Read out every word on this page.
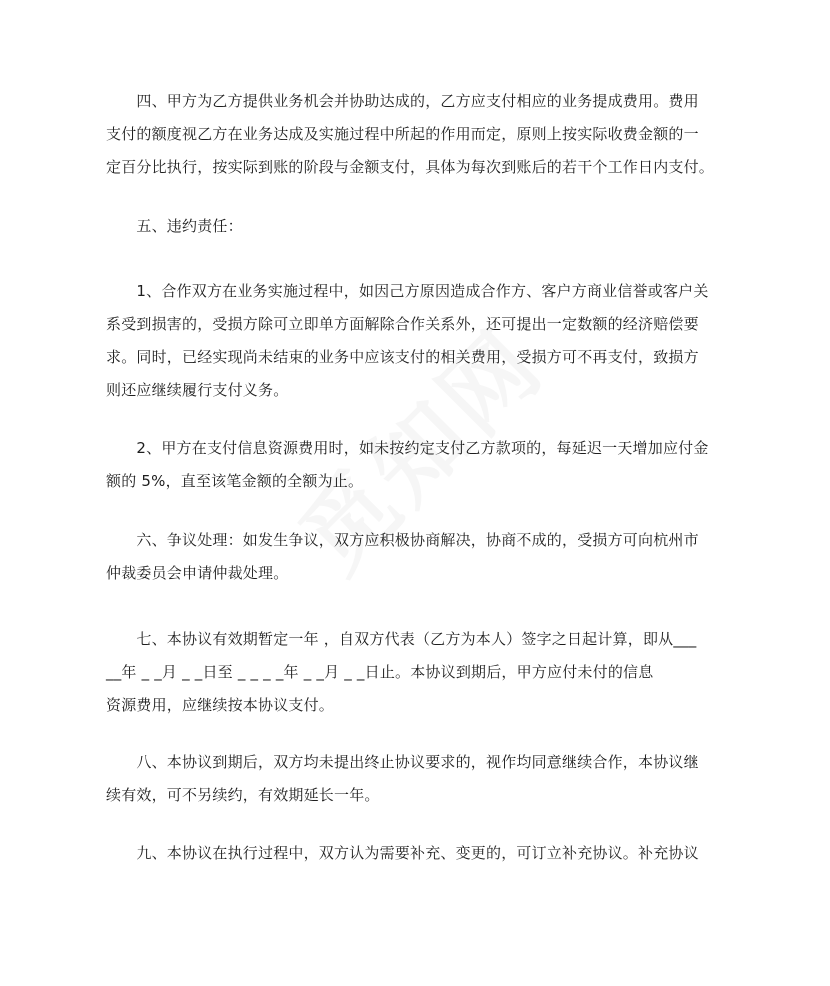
　　四、甲方为乙方提供业务机会并协助达成的，乙方应支付相应的业务提成费用。费用
支付的额度视乙方在业务达成及实施过程中所起的作用而定，原则上按实际收费金额的一
定百分比执行，按实际到账的阶段与金额支付，具体为每次到账后的若干个工作日内支付。
　　五、违约责任：
　　1、合作双方在业务实施过程中，如因己方原因造成合作方、客户方商业信誉或客户关
系受到损害的，受损方除可立即单方面解除合作关系外，还可提出一定数额的经济赔偿要
求。同时，已经实现尚未结束的业务中应该支付的相关费用，受损方可不再支付，致损方
则还应继续履行支付义务。
　　2、甲方在支付信息资源费用时，如未按约定支付乙方款项的，每延迟一天增加应付金
额的 5%，直至该笔金额的全额为止。
　　六、争议处理：如发生争议，双方应积极协商解决，协商不成的，受损方可向杭州市
仲裁委员会申请仲裁处理。
　　七、本协议有效期暂定一年 ，自双方代表（乙方为本人）签字之日起计算，即从___
__年 _ _月 _ _日至 _ _ _ _年 _ _月 _ _日止。本协议到期后，甲方应付未付的信息
资源费用，应继续按本协议支付。
　　八、本协议到期后，双方均未提出终止协议要求的，视作均同意继续合作，本协议继
续有效，可不另续约，有效期延长一年。
　　九、本协议在执行过程中，双方认为需要补充、变更的，可订立补充协议。补充协议
